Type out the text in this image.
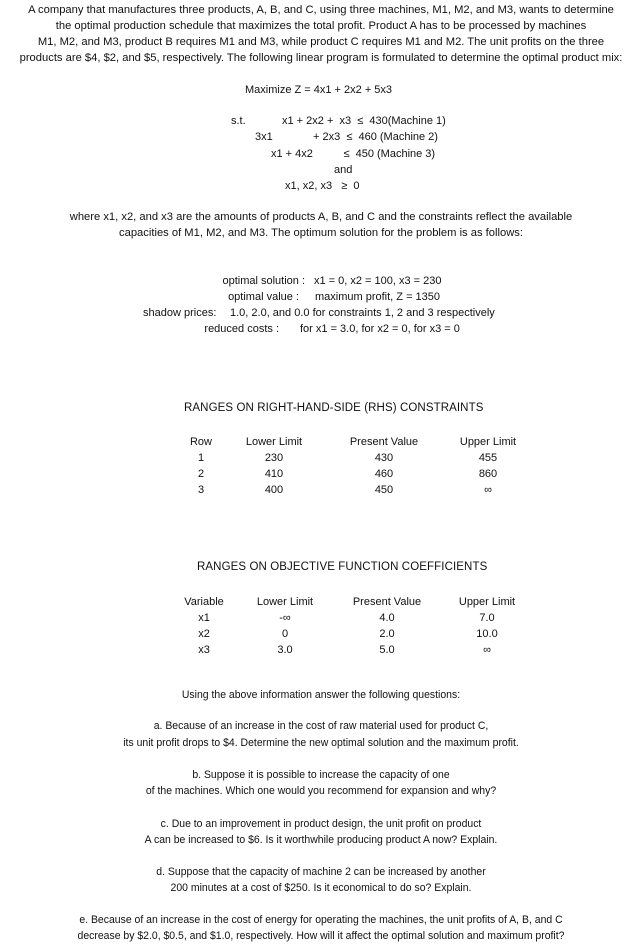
A company that manufactures three products, A, B, and C, using three machines, M1, M2, and M3, wants to determine
the optimal production schedule that maximizes the total profit. Product A has to be processed by machines
M1, M2, and M3, product B requires M1 and M3, while product C requires M1 and M2. The unit profits on the three
products are $4, $2, and $5, respectively. The following linear program is formulated to determine the optimal product mix:
Maximize Z = 4x1 + 2x2 + 5x3
s.t.	x1 + 2x2 +  x3  ≤  430(Machine 1)
3x1	+ 2x3  ≤  460 (Machine 2)
x1 + 4x2          ≤  450 (Machine 3)
and
x1, x2, x3   ≥  0
where x1, x2, and x3 are the amounts of products A, B, and C and the constraints reflect the available
capacities of M1, M2, and M3. The optimum solution for the problem is as follows:
optimal solution : x1 = 0, x2 = 100, x3 = 230
optimal value : maximum profit, Z = 1350
shadow prices: 1.0, 2.0, and 0.0 for constraints 1, 2 and 3 respectively
reduced costs : for x1 = 3.0, for x2 = 0, for x3 = 0
RANGES ON RIGHT-HAND-SIDE (RHS) CONSTRAINTS
Row	Lower Limit	Present Value	Upper Limit
1	230	430	455
2	410	460	860
3	400	450	∞
RANGES ON OBJECTIVE FUNCTION COEFFICIENTS
Variable	Lower Limit	Present Value	Upper Limit
x1	-∞	4.0	7.0
x2	0	2.0	10.0
x3	3.0	5.0	∞
Using the above information answer the following questions:
a. Because of an increase in the cost of raw material used for product C,
its unit profit drops to $4. Determine the new optimal solution and the maximum profit.
b. Suppose it is possible to increase the capacity of one
of the machines. Which one would you recommend for expansion and why?
c. Due to an improvement in product design, the unit profit on product
A can be increased to $6. Is it worthwhile producing product A now? Explain.
d. Suppose that the capacity of machine 2 can be increased by another
200 minutes at a cost of $250. Is it economical to do so? Explain.
e. Because of an increase in the cost of energy for operating the machines, the unit profits of A, B, and C
decrease by $2.0, $0.5, and $1.0, respectively. How will it affect the optimal solution and maximum profit?
